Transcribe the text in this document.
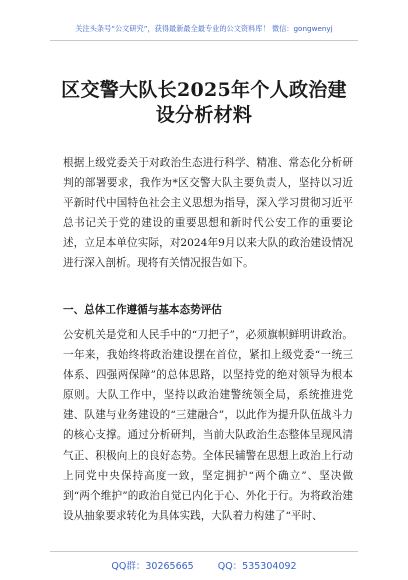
关注头条号“公文研究”，获得最新最全最专业的公文资料库！ 微信：gongwenyj
区交警大队长2025年个人政治建设分析材料

根据上级党委关于对政治生态进行科学、精准、常态化分析研判的部署要求，我作为*区交警大队主要负责人，坚持以习近平新时代中国特色社会主义思想为指导，深入学习贯彻习近平总书记关于党的建设的重要思想和新时代公安工作的重要论述，立足本单位实际，对2024年9月以来大队的政治建设情况进行深入剖析。现将有关情况报告如下。

一、总体工作遵循与基本态势评估

公安机关是党和人民手中的“刀把子”，必须旗帜鲜明讲政治。一年来，我始终将政治建设摆在首位，紧扣上级党委“一统三体系、四强两保障”的总体思路，以坚持党的绝对领导为根本原则。大队工作中，坚持以政治建警统领全局，系统推进党建、队建与业务建设的“三建融合”，以此作为提升队伍战斗力的核心支撑。通过分析研判，当前大队政治生态整体呈现风清气正、积极向上的良好态势。全体民辅警在思想上政治上行动上同党中央保持高度一致，坚定拥护“两个确立”、坚决做到“两个维护”的政治自觉已内化于心、外化于行。为将政治建设从抽象要求转化为具体实践，大队着力构建了“平时、

QQ群：30265665	QQ：535304092
